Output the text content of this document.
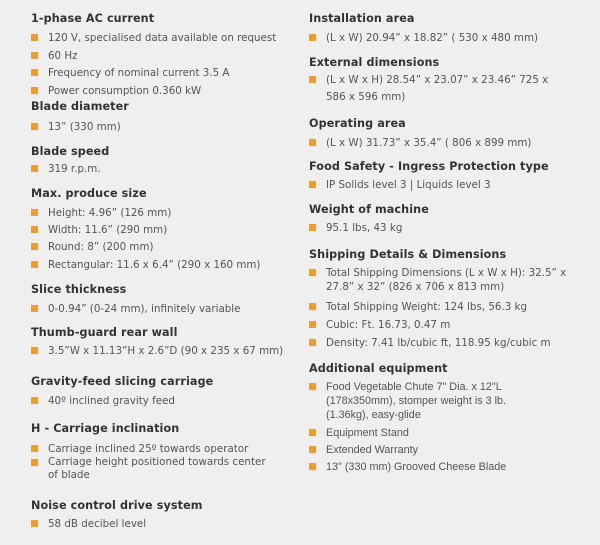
1-phase AC current
120 V, specialised data available on request
60 Hz
Frequency of nominal current 3.5 A
Power consumption 0.360 kW
Blade diameter
13” (330 mm)
Blade speed
319 r.p.m.
Max. produce size
Height: 4.96” (126 mm)
Width: 11.6” (290 mm)
Round: 8” (200 mm)
Rectangular: 11.6 x 6.4” (290 x 160 mm)
Slice thickness
0-0.94” (0-24 mm), infinitely variable
Thumb-guard rear wall
3.5”W x 11.13”H x 2.6”D (90 x 235 x 67 mm)
Gravity-feed slicing carriage
40º inclined gravity feed
H - Carriage inclination
Carriage inclined 25º towards operator
Carriage height positioned towards center of blade
Noise control drive system
58 dB decibel level
Installation area
(L x W) 20.94” x 18.82” ( 530 x 480 mm)
External dimensions
(L x W x H) 28.54” x 23.07” x 23.46” 725 x 586 x 596 mm)
Operating area
(L x W) 31.73” x 35.4” ( 806 x 899 mm)
Food Safety - Ingress Protection type
IP Solids level 3 | Liquids level 3
Weight of machine
95.1 lbs, 43 kg
Shipping Details & Dimensions
Total Shipping Dimensions (L x W x H): 32.5” x 27.8” x 32” (826 x 706 x 813 mm)
Total Shipping Weight: 124 lbs, 56.3 kg
Cubic: Ft. 16.73, 0.47 m
Density: 7.41 lb/cubic ft, 118.95 kg/cubic m
Additional equipment
Food Vegetable Chute 7" Dia. x 12"L (178x350mm), stomper weight is 3 lb. (1.36kg), easy-glide
Equipment Stand
Extended Warranty
13" (330 mm) Grooved Cheese Blade
